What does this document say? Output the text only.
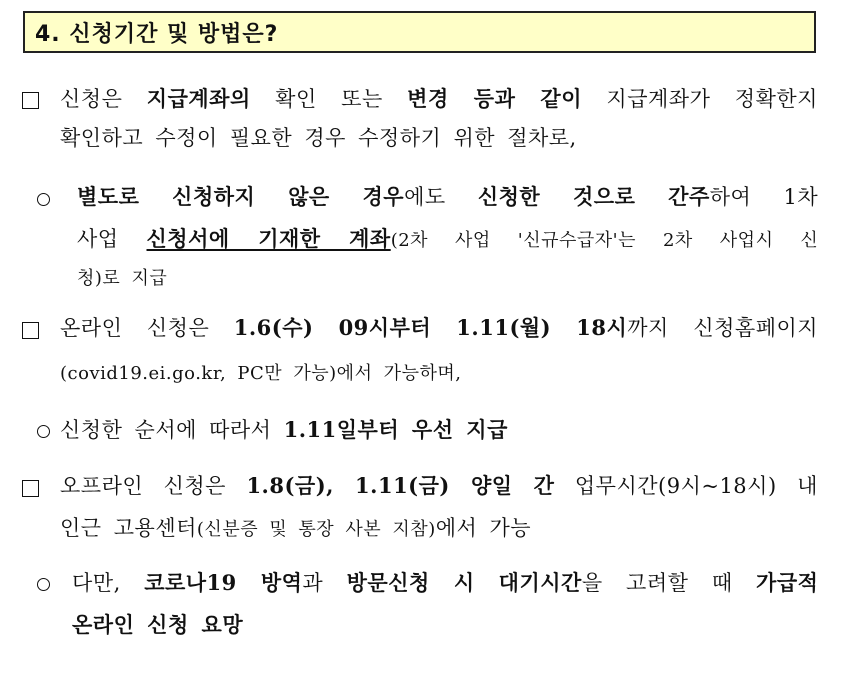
4. 신청기간 및 방법은?
신청은 지급계좌의 확인 또는 변경 등과 같이 지급계좌가 정확한지
확인하고 수정이 필요한 경우 수정하기 위한 절차로,
별도로 신청하지 않은 경우에도 신청한 것으로 간주하여 1차
사업 신청서에 기재한 계좌(2차 사업 '신규수급자'는 2차 사업시 신
청)로 지급
온라인 신청은 1.6(수) 09시부터 1.11(월) 18시까지 신청홈페이지
(covid19.ei.go.kr, PC만 가능)에서 가능하며,
신청한 순서에 따라서 1.11일부터 우선 지급
오프라인 신청은 1.8(금), 1.11(금) 양일 간 업무시간(9시~18시) 내
인근 고용센터(신분증 및 통장 사본 지참)에서 가능
다만, 코로나19 방역과 방문신청 시 대기시간을 고려할 때 가급적
온라인 신청 요망
